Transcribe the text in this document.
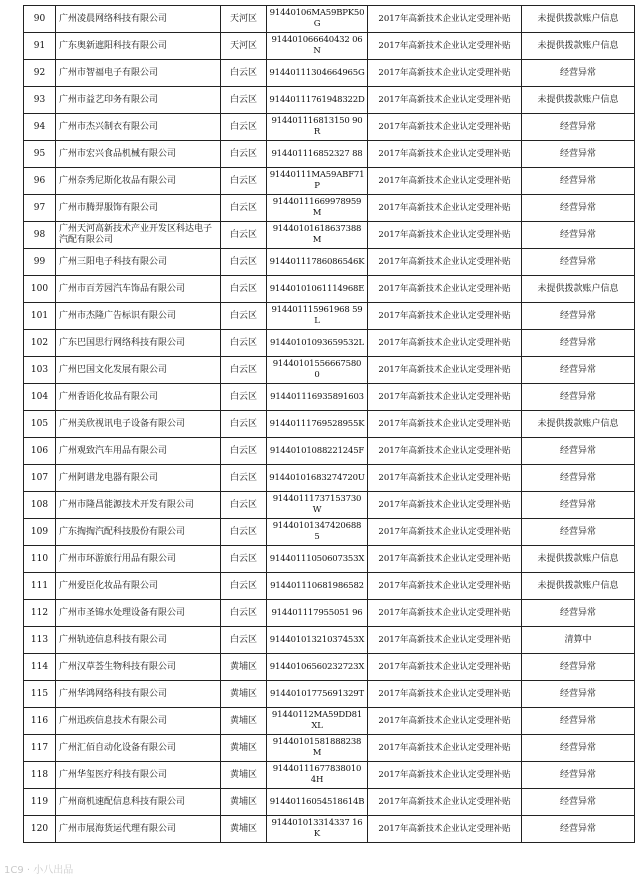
90	广州凌晨网络科技有限公司	天河区	91440106MA59BPK50G	2017年高新技术企业认定受理补贴	未提供拨款账户信息
91	广东奥新遮阳科技有限公司	天河区	914401066640432 06N	2017年高新技术企业认定受理补贴	未提供拨款账户信息
92	广州市智福电子有限公司	白云区	91440111304664965G	2017年高新技术企业认定受理补贴	经营异常
93	广州市益艺印务有限公司	白云区	91440111761948322D	2017年高新技术企业认定受理补贴	未提供拨款账户信息
94	广州市杰兴制衣有限公司	白云区	914401116813150 90R	2017年高新技术企业认定受理补贴	经营异常
95	广州市宏兴食品机械有限公司	白云区	914401116852327 88	2017年高新技术企业认定受理补贴	经营异常
96	广州奈秀尼斯化妆品有限公司	白云区	91440111MA59ABF71P	2017年高新技术企业认定受理补贴	经营异常
97	广州市腾羿服饰有限公司	白云区	91440111669978959M	2017年高新技术企业认定受理补贴	经营异常
98	广州天河高新技术产业开发区科达电子汽配有限公司	白云区	91440101618637388M	2017年高新技术企业认定受理补贴	经营异常
99	广州三阳电子科技有限公司	白云区	91440111786086546K	2017年高新技术企业认定受理补贴	经营异常
100	广州市百芳园汽车饰品有限公司	白云区	91440101061114968E	2017年高新技术企业认定受理补贴	未提供拨款账户信息
101	广州市杰隆广告标识有限公司	白云区	914401115961968 59L	2017年高新技术企业认定受理补贴	经营异常
102	广东巴国思行网络科技有限公司	白云区	91440101093659532L	2017年高新技术企业认定受理补贴	经营异常
103	广州巴国文化发展有限公司	白云区	91440101556667580 0	2017年高新技术企业认定受理补贴	经营异常
104	广州香语化妆品有限公司	白云区	914401116935891603	2017年高新技术企业认定受理补贴	经营异常
105	广州美欣视讯电子设备有限公司	白云区	91440111769528955K	2017年高新技术企业认定受理补贴	未提供拨款账户信息
106	广州观致汽车用品有限公司	白云区	91440101088221245F	2017年高新技术企业认定受理补贴	经营异常
107	广州阿谱龙电器有限公司	白云区	91440101683274720U	2017年高新技术企业认定受理补贴	经营异常
108	广州市隆昌能源技术开发有限公司	白云区	91440111737153730W	2017年高新技术企业认定受理补贴	经营异常
109	广东掏掏汽配科技股份有限公司	白云区	91440101347420688 5	2017年高新技术企业认定受理补贴	经营异常
110	广州市环游旅行用品有限公司	白云区	91440111050607353X	2017年高新技术企业认定受理补贴	未提供拨款账户信息
111	广州爱臣化妆品有限公司	白云区	914401110681986582	2017年高新技术企业认定受理补贴	未提供拨款账户信息
112	广州市圣锦水处理设备有限公司	白云区	914401117955051 96	2017年高新技术企业认定受理补贴	经营异常
113	广州轨迹信息科技有限公司	白云区	91440101321037453X	2017年高新技术企业认定受理补贴	清算中
114	广州汉草荟生物科技有限公司	黄埔区	91440106560232723X	2017年高新技术企业认定受理补贴	经营异常
115	广州华鸿网络科技有限公司	黄埔区	91440101775691329T	2017年高新技术企业认定受理补贴	经营异常
116	广州迅疾信息技术有限公司	黄埔区	91440112MA59DD81XL	2017年高新技术企业认定受理补贴	经营异常
117	广州汇佰自动化设备有限公司	黄埔区	91440101581888238M	2017年高新技术企业认定受理补贴	经营异常
118	广州华玺医疗科技有限公司	黄埔区	91440111677838010 4H	2017年高新技术企业认定受理补贴	经营异常
119	广州商机速配信息科技有限公司	黄埔区	91440116054518614B	2017年高新技术企业认定受理补贴	经营异常
120	广州市展海货运代理有限公司	黄埔区	914401013314337 16K	2017年高新技术企业认定受理补贴	经营异常
1C9 · 小八出品
